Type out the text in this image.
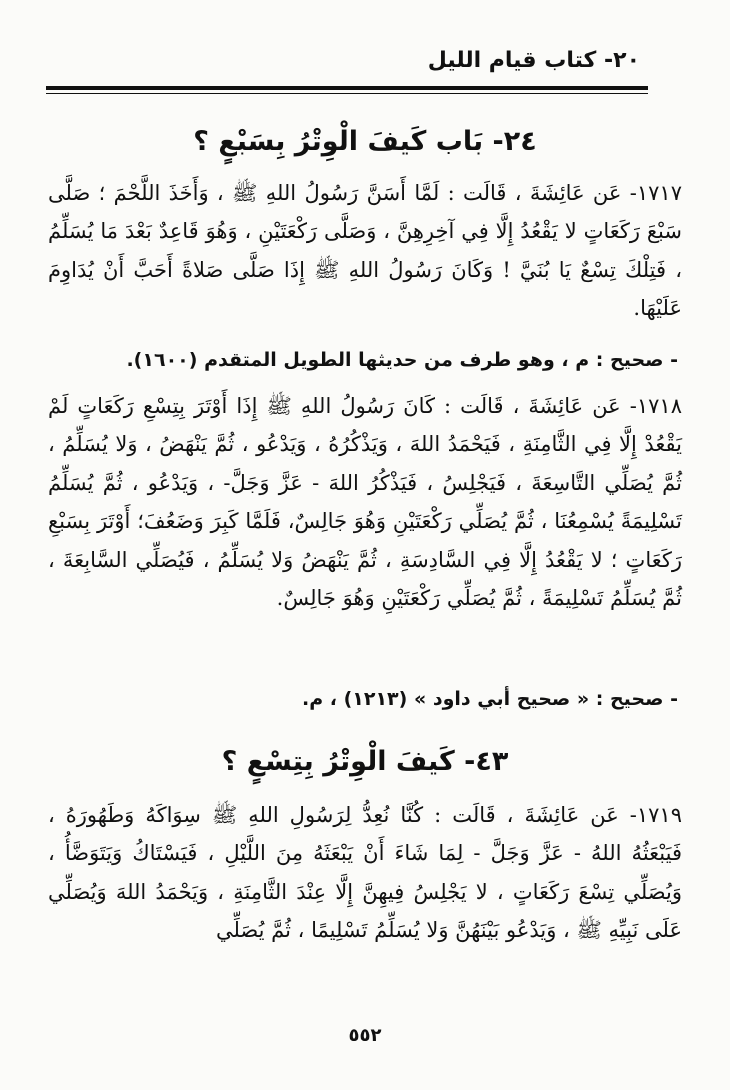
٢٠- كتاب قيام الليل
٢٤- بَاب كَيفَ الْوِتْرُ بِسَبْعٍ ؟
١٧١٧- عَن عَائِشَةَ ، قَالَت : لَمَّا أَسَنَّ رَسُولُ اللهِ ﷺ ، وَأَخَذَ اللَّحْمَ ؛ صَلَّى سَبْعَ رَكَعَاتٍ لا يَقْعُدُ إِلَّا فِي آخِرِهِنَّ ، وَصَلَّى رَكْعَتَيْنِ ، وَهُوَ قَاعِدٌ بَعْدَ مَا يُسَلِّمُ ، فَتِلْكَ تِسْعٌ يَا بُنَيَّ ! وَكَانَ رَسُولُ اللهِ ﷺ إِذَا صَلَّى صَلاةً أَحَبَّ أَنْ يُدَاوِمَ عَلَيْهَا.
- صحيح : م ، وهو طرف من حديثها الطويل المتقدم (١٦٠٠).
١٧١٨- عَن عَائِشَةَ ، قَالَت : كَانَ رَسُولُ اللهِ ﷺ إِذَا أَوْتَرَ بِتِسْعِ رَكَعَاتٍ لَمْ يَقْعُدْ إِلَّا فِي الثَّامِنَةِ ، فَيَحْمَدُ اللهَ ، وَيَذْكُرُهُ ، وَيَدْعُو ، ثُمَّ يَنْهَضُ ، وَلا يُسَلِّمُ ، ثُمَّ يُصَلِّي التَّاسِعَةَ ، فَيَجْلِسُ ، فَيَذْكُرُ اللهَ - عَزَّ وَجَلَّ- ، وَيَدْعُو ، ثُمَّ يُسَلِّمُ تَسْلِيمَةً يُسْمِعُنَا ، ثُمَّ يُصَلِّي رَكْعَتَيْنِ وَهُوَ جَالِسٌ، فَلَمَّا كَبِرَ وَضَعُفَ؛ أَوْتَرَ بِسَبْعِ رَكَعَاتٍ ؛ لا يَقْعُدُ إِلَّا فِي السَّادِسَةِ ، ثُمَّ يَنْهَضُ وَلا يُسَلِّمُ ، فَيُصَلِّي السَّابِعَةَ ، ثُمَّ يُسَلِّمُ تَسْلِيمَةً ، ثُمَّ يُصَلِّي رَكْعَتَيْنِ وَهُوَ جَالِسٌ.
- صحيح : « صحيح أبي داود » (١٢١٣) ، م.
٤٣- كَيفَ الْوِتْرُ بِتِسْعٍ ؟
١٧١٩- عَن عَائِشَةَ ، قَالَت : كُنَّا نُعِدُّ لِرَسُولِ اللهِ ﷺ سِوَاكَهُ وَطَهُورَهُ ، فَيَبْعَثُهُ اللهُ - عَزَّ وَجَلَّ - لِمَا شَاءَ أَنْ يَبْعَثَهُ مِنَ اللَّيْلِ ، فَيَسْتَاكُ وَيَتَوَضَّأُ ، وَيُصَلِّي تِسْعَ رَكَعَاتٍ ، لا يَجْلِسُ فِيهِنَّ إِلَّا عِنْدَ الثَّامِنَةِ ، وَيَحْمَدُ اللهَ وَيُصَلِّي عَلَى نَبِيِّهِ ﷺ ، وَيَدْعُو بَيْنَهُنَّ وَلا يُسَلِّمُ تَسْلِيمًا ، ثُمَّ يُصَلِّي
٥٥٢
